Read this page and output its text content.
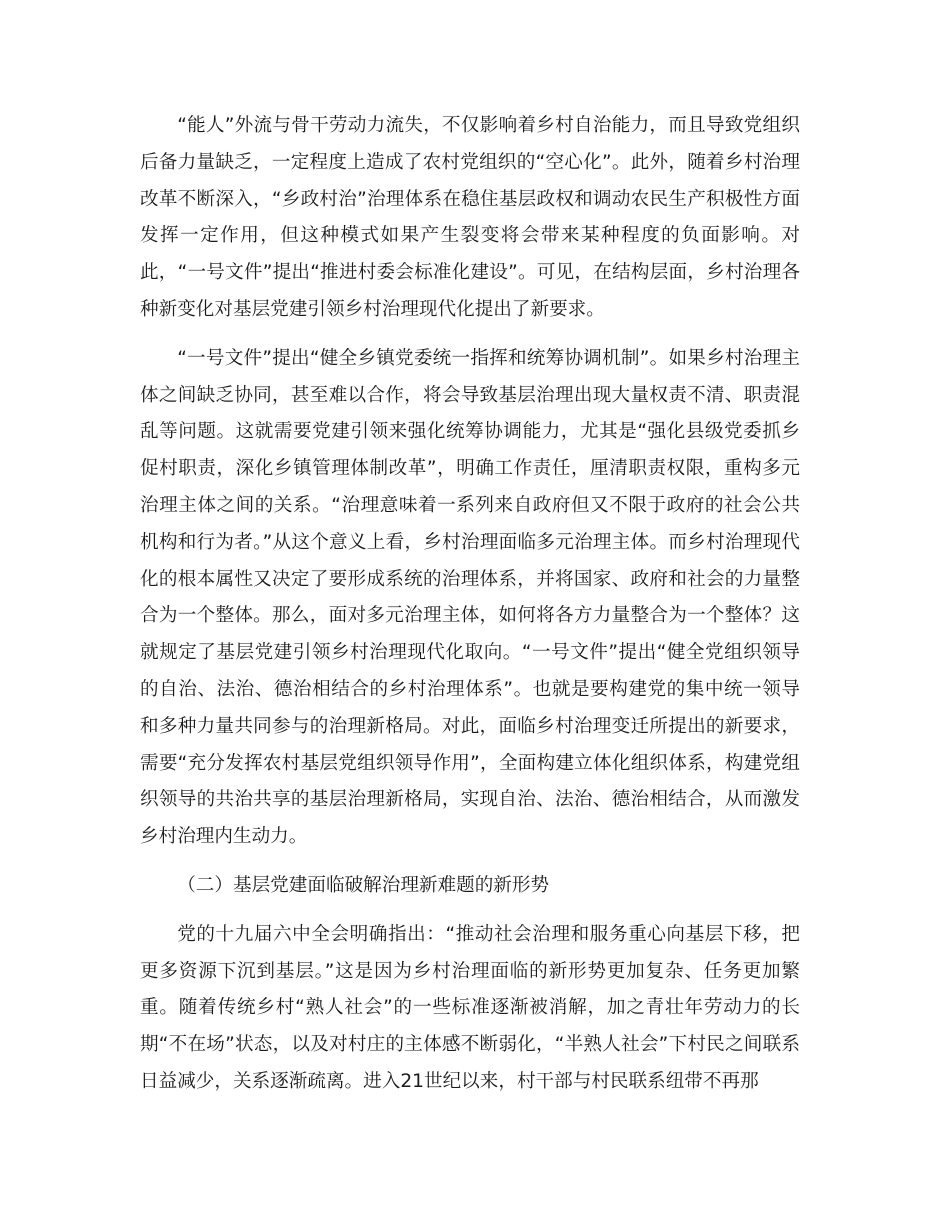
“能人”外流与骨干劳动力流失，不仅影响着乡村自治能力，而且导致党组织后备力量缺乏，一定程度上造成了农村党组织的“空心化”。此外，随着乡村治理改革不断深入，“乡政村治”治理体系在稳住基层政权和调动农民生产积极性方面发挥一定作用，但这种模式如果产生裂变将会带来某种程度的负面影响。对此，“一号文件”提出“推进村委会标准化建设”。可见，在结构层面，乡村治理各种新变化对基层党建引领乡村治理现代化提出了新要求。

“一号文件”提出“健全乡镇党委统一指挥和统筹协调机制”。如果乡村治理主体之间缺乏协同，甚至难以合作，将会导致基层治理出现大量权责不清、职责混乱等问题。这就需要党建引领来强化统筹协调能力，尤其是“强化县级党委抓乡促村职责，深化乡镇管理体制改革”，明确工作责任，厘清职责权限，重构多元治理主体之间的关系。“治理意味着一系列来自政府但又不限于政府的社会公共机构和行为者。”从这个意义上看，乡村治理面临多元治理主体。而乡村治理现代化的根本属性又决定了要形成系统的治理体系，并将国家、政府和社会的力量整合为一个整体。那么，面对多元治理主体，如何将各方力量整合为一个整体？这就规定了基层党建引领乡村治理现代化取向。“一号文件”提出“健全党组织领导的自治、法治、德治相结合的乡村治理体系”。也就是要构建党的集中统一领导和多种力量共同参与的治理新格局。对此，面临乡村治理变迁所提出的新要求，需要“充分发挥农村基层党组织领导作用”，全面构建立体化组织体系，构建党组织领导的共治共享的基层治理新格局，实现自治、法治、德治相结合，从而激发乡村治理内生动力。

（二）基层党建面临破解治理新难题的新形势

党的十九届六中全会明确指出：“推动社会治理和服务重心向基层下移，把更多资源下沉到基层。”这是因为乡村治理面临的新形势更加复杂、任务更加繁重。随着传统乡村“熟人社会”的一些标准逐渐被消解，加之青壮年劳动力的长期“不在场”状态，以及对村庄的主体感不断弱化，“半熟人社会”下村民之间联系日益减少，关系逐渐疏离。进入21世纪以来，村干部与村民联系纽带不再那
